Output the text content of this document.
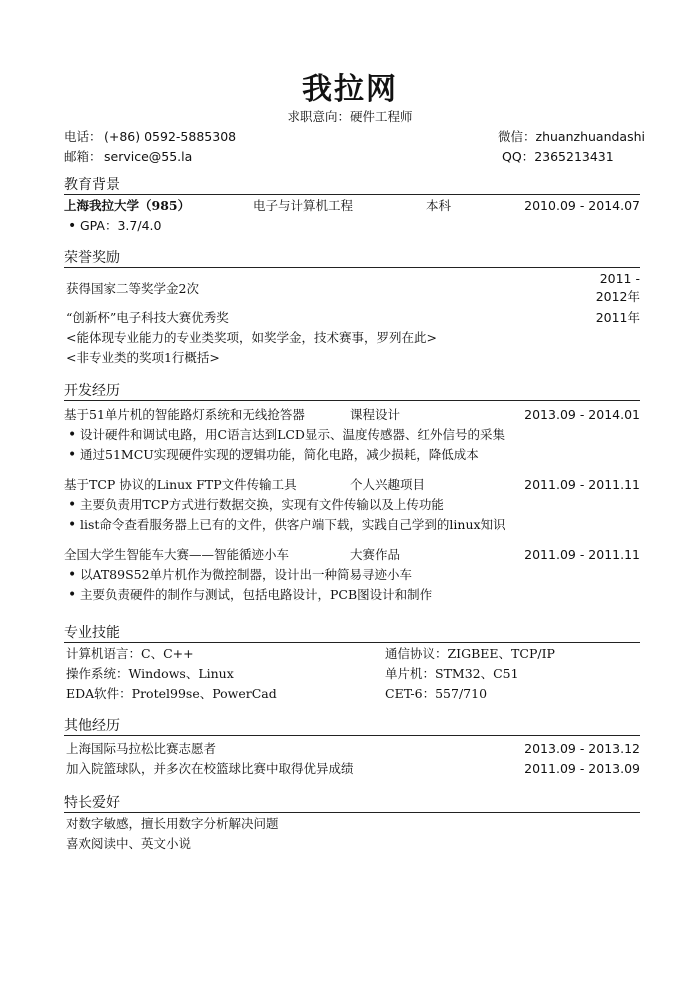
我拉网
求职意向：硬件工程师
电话： (+86) 0592-5885308
邮箱： service@55.la
微信：zhuanzhuandashi
QQ：2365213431
教育背景
上海我拉大学（985）	电子与计算机工程	本科	2010.09 - 2014.07
• GPA：3.7/4.0
荣誉奖励
获得国家二等奖学金2次
2011 -
2012年
“创新杯”电子科技大赛优秀奖	2011年
<能体现专业能力的专业类奖项，如奖学金，技术赛事，罗列在此>
<非专业类的奖项1行概括>
开发经历
基于51单片机的智能路灯系统和无线抢答器	课程设计	2013.09 - 2014.01
• 设计硬件和调试电路，用C语言达到LCD显示、温度传感器、红外信号的采集
• 通过51MCU实现硬件实现的逻辑功能，简化电路，减少损耗，降低成本
基于TCP 协议的Linux FTP文件传输工具	个人兴趣项目	2011.09 - 2011.11
• 主要负责用TCP方式进行数据交换，实现有文件传输以及上传功能
• list命令查看服务器上已有的文件，供客户端下载，实践自己学到的linux知识
全国大学生智能车大赛——智能循迹小车	大赛作品	2011.09 - 2011.11
• 以AT89S52单片机作为微控制器，设计出一种简易寻迹小车
• 主要负责硬件的制作与测试，包括电路设计，PCB图设计和制作
专业技能
计算机语言：C、C++	通信协议：ZIGBEE、TCP/IP
操作系统：Windows、Linux	单片机：STM32、C51
EDA软件：Protel99se、PowerCad	CET-6：557/710
其他经历
上海国际马拉松比赛志愿者	2013.09 - 2013.12
加入院篮球队，并多次在校篮球比赛中取得优异成绩	2011.09 - 2013.09
特长爱好
对数字敏感，擅长用数字分析解决问题
喜欢阅读中、英文小说
